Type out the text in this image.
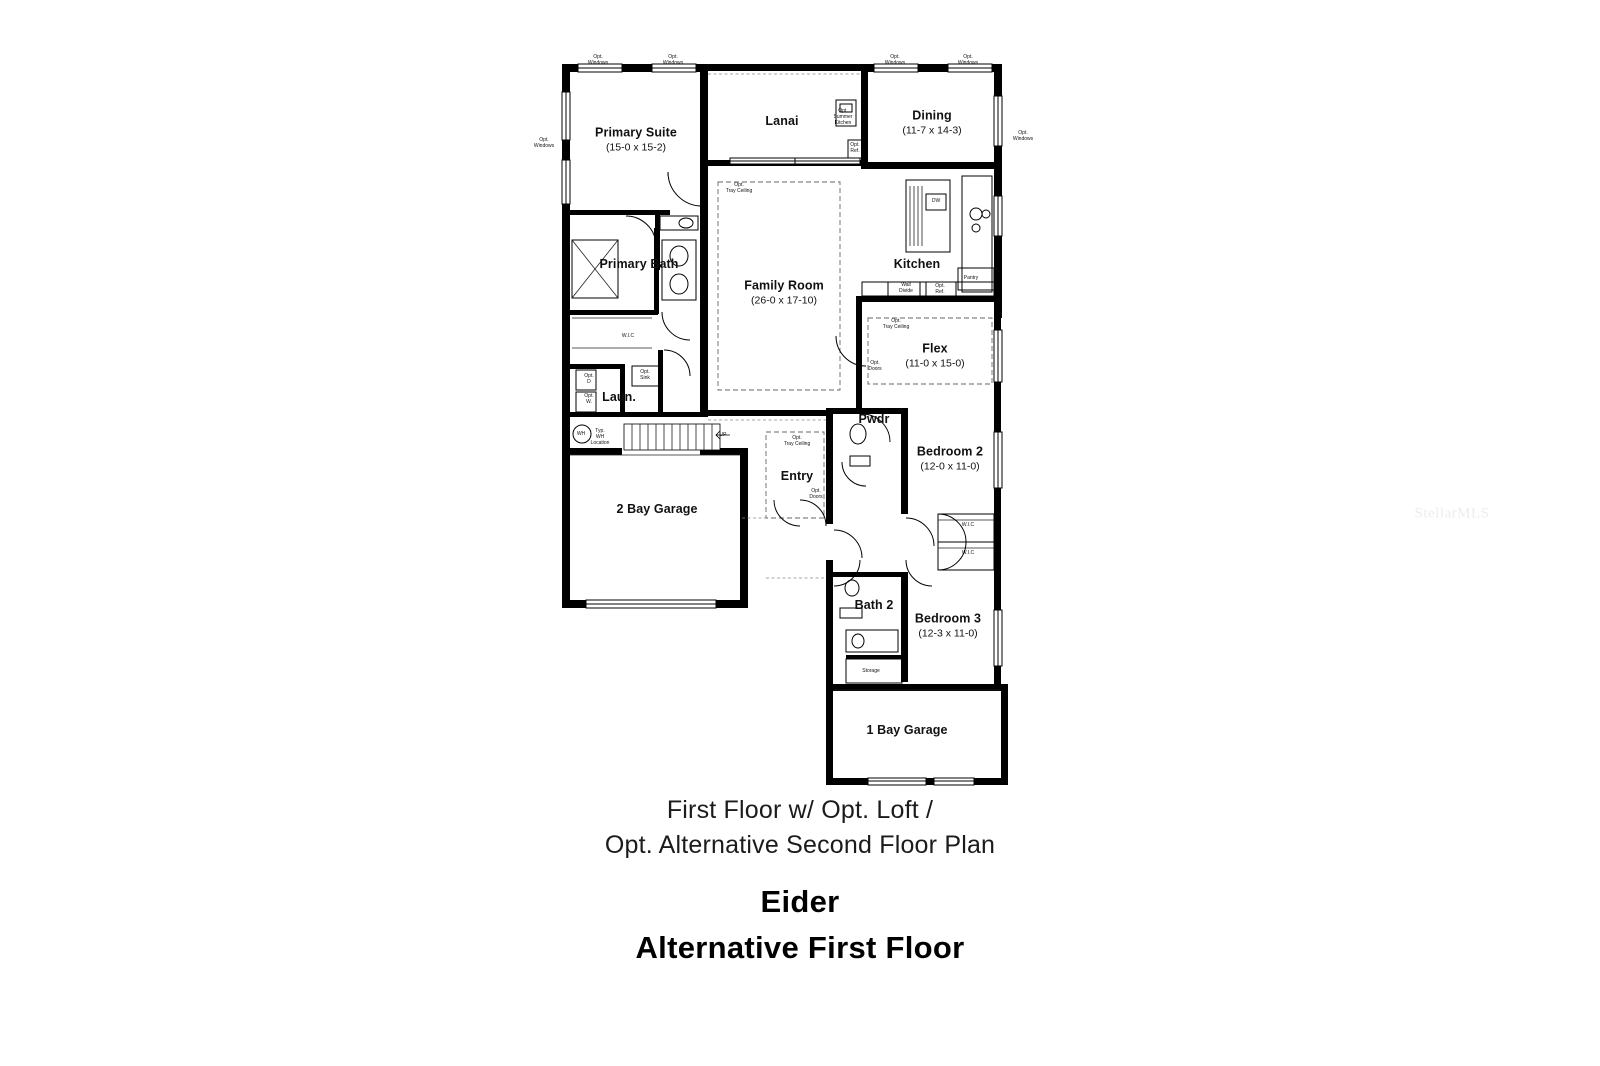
Primary Suite
(15-0 x 15-2)
Lanai	Dining
(11-7 x 14-3)
Primary Bath
Family Room
(26-0 x 17-10)
Kitchen
Flex
(11-0 x 15-0)
Laun.
Pwdr
Bedroom 2
(12-0 x 11-0)
Entry
2 Bay Garage
Bath 2
Bedroom 3
(12-3 x 11-0)
1 Bay Garage
Opt.
Windows
Opt.
Windows
Opt.
Windows
Opt.
Windows
Opt.
Windows
Opt.
Windows
Opt.
Summer
Kitchen
Opt.
Ref.
DW
Pantry
Wall
Divide
Opt.
Ref.
Opt.
Tray Ceiling
Opt.
Tray Ceiling
Opt.
Tray Ceiling
W.I.C
W.I.C
W.I.C
Opt.
Sink
Opt.
D
Opt.
W.
Typ.
WH
Location
WH	UP
Opt.
Doors
Opt.
Doors
Storage
First Floor w/ Opt. Loft /
Opt. Alternative Second Floor Plan
Eider
Alternative First Floor
StellarMLS
